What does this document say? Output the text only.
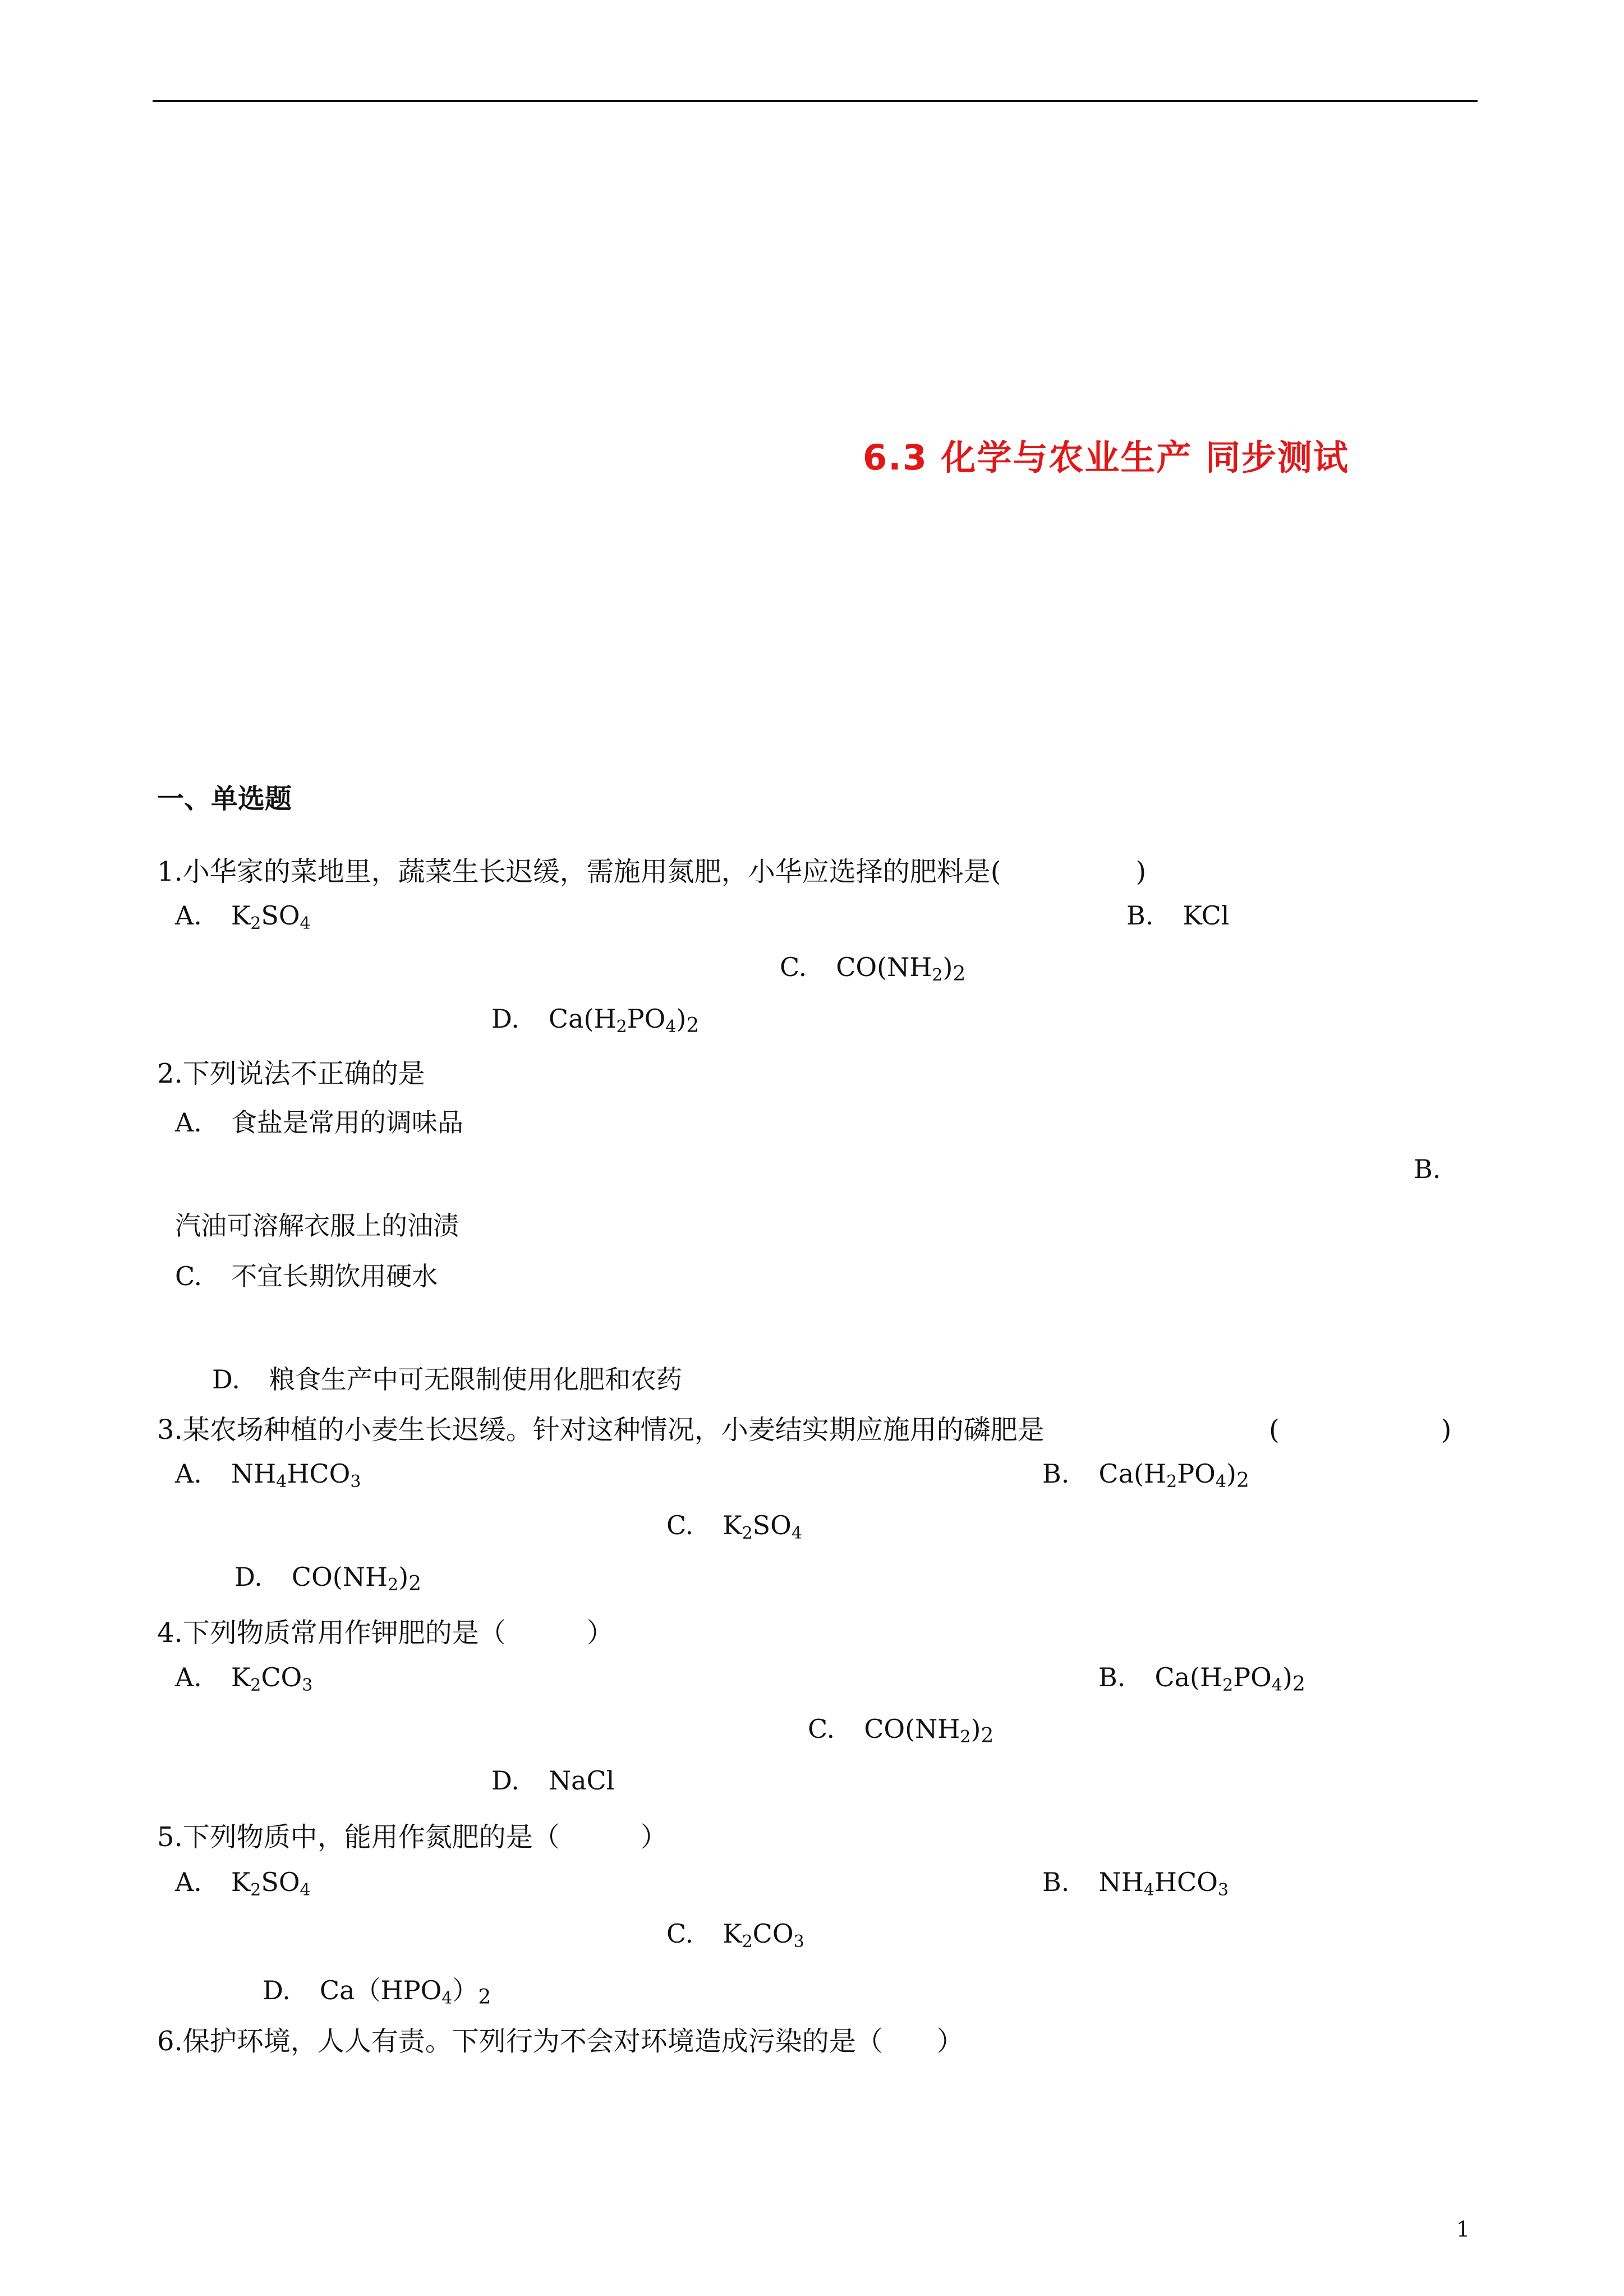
6.3 化学与农业生产 同步测试
一、单选题
1.小华家的菜地里，蔬菜生长迟缓，需施用氮肥，小华应选择的肥料是(　　　　　)
A. $K_2SO_4$	B. KCl
C. $CO(NH_2)2$
D. $Ca(H_2PO_4)2$
2.下列说法不正确的是
A. 食盐是常用的调味品
B.
汽油可溶解衣服上的油渍
C. 不宜长期饮用硬水
D. 粮食生产中可无限制使用化肥和农药
3.某农场种植的小麦生长迟缓。针对这种情况，小麦结实期应施用的磷肥是	(　　　　　　)
A. $NH_4HCO_3$	B. $Ca(H_2PO_4)2$
C. $K_2SO_4$
D. $CO(NH_2)2$
4.下列物质常用作钾肥的是（　　　）
A. $K_2CO_3$	B. $Ca(H_2PO_4)2$
C. $CO(NH_2)2$
D. NaCl
5.下列物质中，能用作氮肥的是（　　　）
A. $K_2SO_4$	B. $NH_4HCO_3$
C. $K_2CO_3$
D. $Ca(HPO_4)2$
6.保护环境，人人有责。下列行为不会对环境造成污染的是（　　）
1
